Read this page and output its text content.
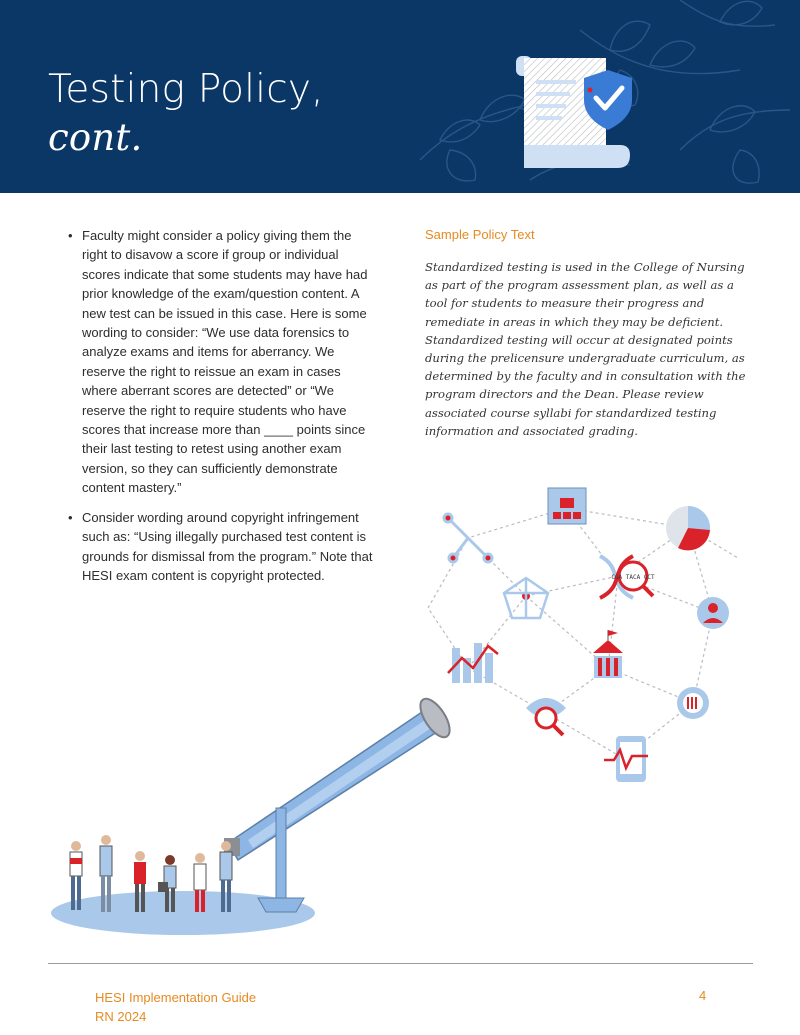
Testing Policy,
cont.
• Faculty might consider a policy giving them the right to disavow a score if group or individual scores indicate that some students may have had prior knowledge of the exam/question content. A new test can be issued in this case. Here is some wording to consider: “We use data forensics to analyze exams and items for aberrancy. We reserve the right to reissue an exam in cases where aberrant scores are detected” or “We reserve the right to require students who have scores that increase more than ____ points since their last testing to retest using another exam version, so they can sufficiently demonstrate content mastery.”
• Consider wording around copyright infringement such as: “Using illegally purchased test content is grounds for dismissal from the program.” Note that HESI exam content is copyright protected.
Sample Policy Text
Standardized testing is used in the College of Nursing as part of the program assessment plan, as well as a tool for students to measure their progress and remediate in areas in which they may be deficient. Standardized testing will occur at designated points during the prelicensure undergraduate curriculum, as determined by the faculty and in consultation with the program directors and the Dean. Please review associated course syllabi for standardized testing information and associated grading.
CGA TACA GCT
HESI Implementation Guide
RN 2024
4
